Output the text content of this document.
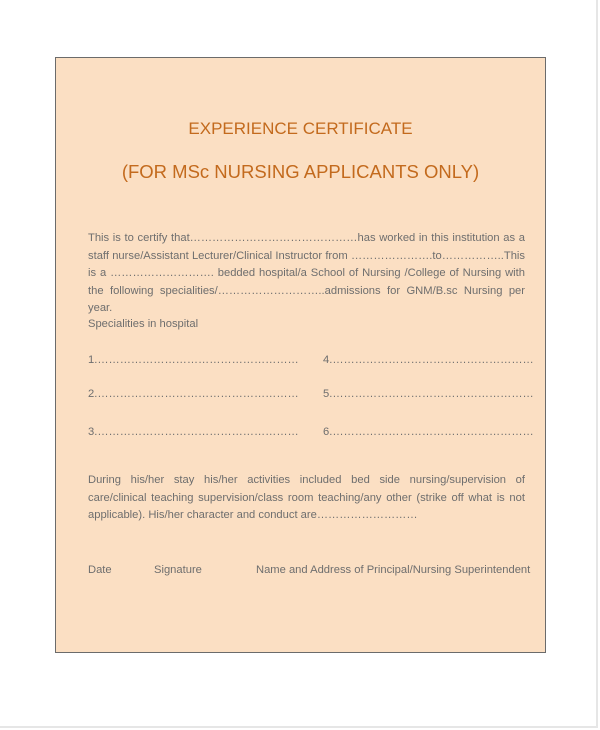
EXPERIENCE CERTIFICATE
(FOR MSc NURSING APPLICANTS ONLY)

This is to certify that………………………………………has worked in this institution as a staff nurse/Assistant Lecturer/Clinical Instructor from ………………….to……………..This is a ………………………. bedded hospital/a School of Nursing /College of Nursing with the following specialities/………………………..admissions for GNM/B.sc Nursing per year.

Specialities in hospital

1.………………………………………………
2.………………………………………………
3.………………………………………………
4.………………………………………………
5.………………………………………………
6.………………………………………………

During his/her stay his/her activities included bed side nursing/supervision of care/clinical teaching supervision/class room teaching/any other (strike off what is not applicable). His/her character and conduct are………………………

Date	Signature	Name and Address of Principal/Nursing Superintendent
